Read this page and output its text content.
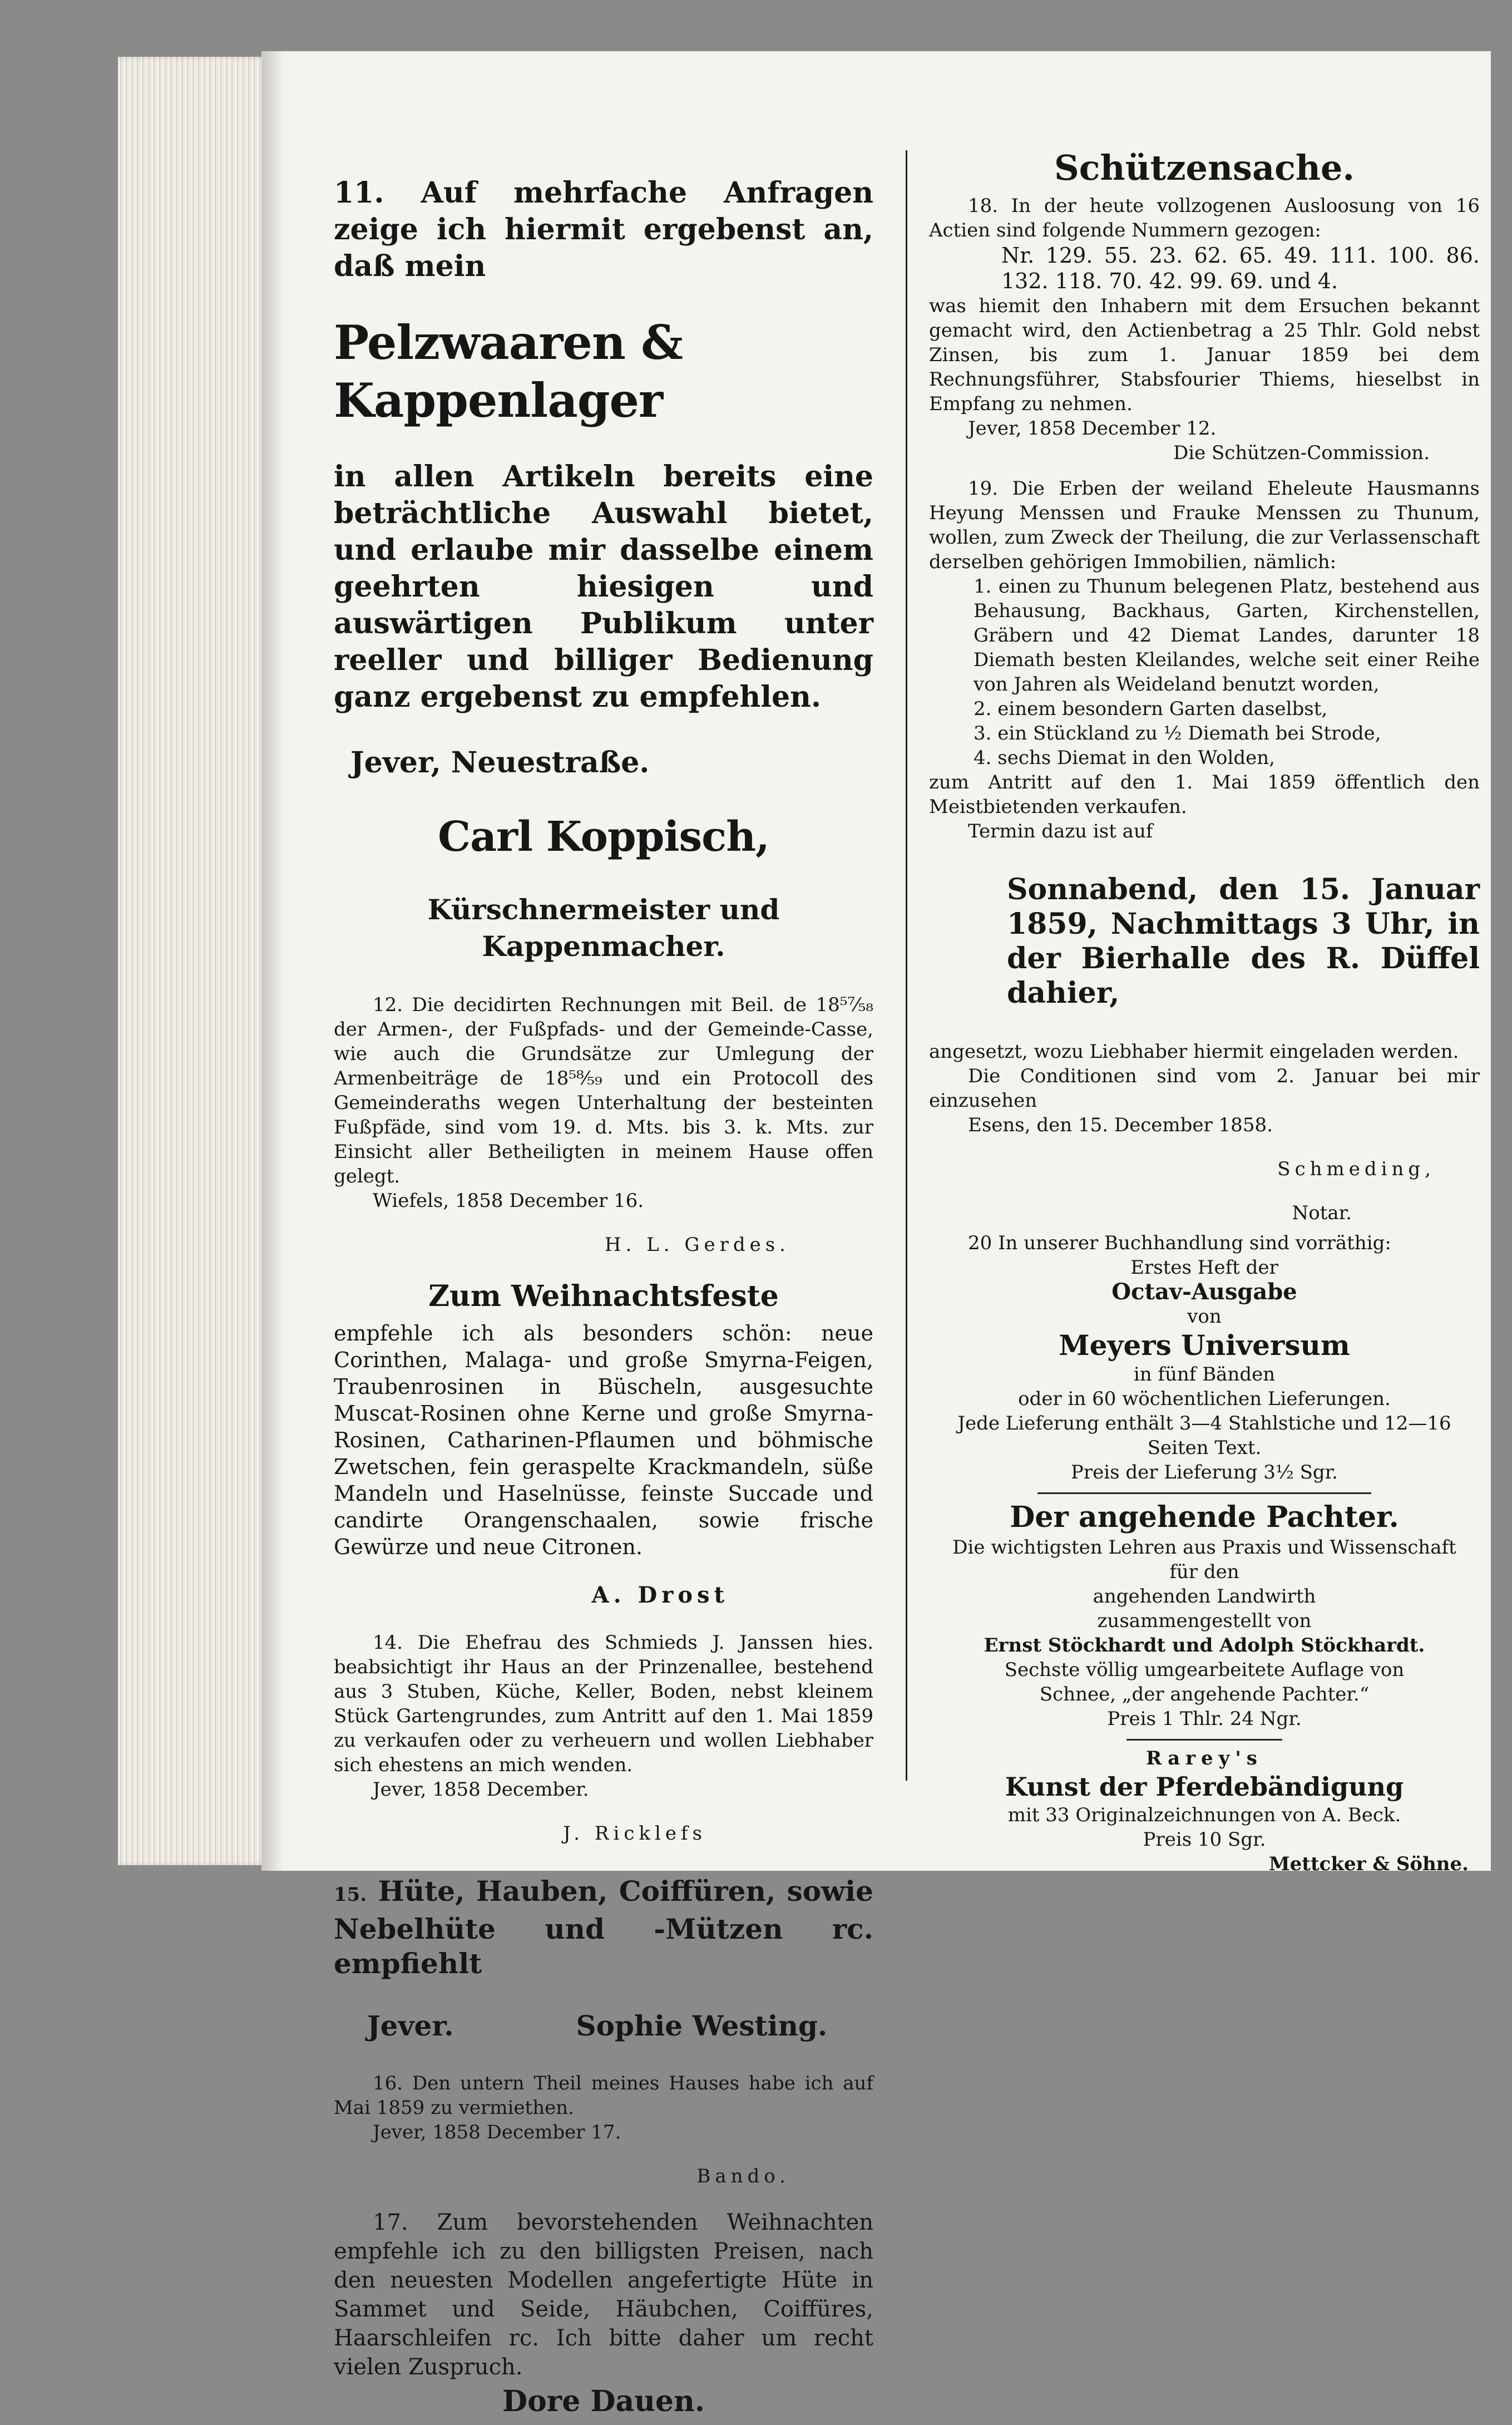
11. Auf mehrfache Anfragen zeige ich hiermit ergebenst an, daß mein

Pelzwaaren & Kappenlager

in allen Artikeln bereits eine beträchtliche Auswahl bietet, und erlaube mir dasselbe einem geehrten hiesigen und auswärtigen Publikum unter reeller und billiger Bedienung ganz ergebenst zu empfehlen.

Jever, Neuestraße.

Carl Koppisch,

Kürschnermeister und Kappenmacher.

12. Die decidirten Rechnungen mit Beil. de 18⁵⁷⁄₅₈ der Armen-, der Fußpfads- und der Gemeinde-Casse, wie auch die Grundsätze zur Umlegung der Armenbeiträge de 18⁵⁸⁄₅₉ und ein Protocoll des Gemeinderaths wegen Unterhaltung der besteinten Fußpfäde, sind vom 19. d. Mts. bis 3. k. Mts. zur Einsicht aller Betheiligten in meinem Hause offen gelegt.

Wiefels, 1858 December 16.

H. L. Gerdes.

Zum Weihnachtsfeste

empfehle ich als besonders schön: neue Corinthen, Malaga- und große Smyrna-Feigen, Traubenrosinen in Büscheln, ausgesuchte Muscat-Rosinen ohne Kerne und große Smyrna-Rosinen, Catharinen-Pflaumen und böhmische Zwetschen, fein geraspelte Krackmandeln, süße Mandeln und Haselnüsse, feinste Succade und candirte Orangenschaalen, sowie frische Gewürze und neue Citronen.

A. Drost

14. Die Ehefrau des Schmieds J. Janssen hies. beabsichtigt ihr Haus an der Prinzenallee, bestehend aus 3 Stuben, Küche, Keller, Boden, nebst kleinem Stück Gartengrundes, zum Antritt auf den 1. Mai 1859 zu verkaufen oder zu verheuern und wollen Liebhaber sich ehestens an mich wenden.

Jever, 1858 December.

J. Ricklefs

15. Hüte, Hauben, Coiffüren, sowie Nebelhüte und -Mützen rc. empfiehlt

Jever.	Sophie Westing.

16. Den untern Theil meines Hauses habe ich auf Mai 1859 zu vermiethen.

Jever, 1858 December 17.

Bando.

17. Zum bevorstehenden Weihnachten empfehle ich zu den billigsten Preisen, nach den neuesten Modellen angefertigte Hüte in Sammet und Seide, Häubchen, Coiffüres, Haarschleifen rc. Ich bitte daher um recht vielen Zuspruch.

Dore Dauen.

Schützensache.

18. In der heute vollzogenen Ausloosung von 16 Actien sind folgende Nummern gezogen:

Nr. 129. 55. 23. 62. 65. 49. 111. 100. 86. 132. 118. 70. 42. 99. 69. und 4.

was hiemit den Inhabern mit dem Ersuchen bekannt gemacht wird, den Actienbetrag a 25 Thlr. Gold nebst Zinsen, bis zum 1. Januar 1859 bei dem Rechnungsführer, Stabsfourier Thiems, hieselbst in Empfang zu nehmen.

Jever, 1858 December 12.

Die Schützen-Commission.

19. Die Erben der weiland Eheleute Hausmanns Heyung Menssen und Frauke Menssen zu Thunum, wollen, zum Zweck der Theilung, die zur Verlassenschaft derselben gehörigen Immobilien, nämlich:

1. einen zu Thunum belegenen Platz, bestehend aus Behausung, Backhaus, Garten, Kirchenstellen, Gräbern und 42 Diemat Landes, darunter 18 Diemath besten Kleilandes, welche seit einer Reihe von Jahren als Weideland benutzt worden,

2. einem besondern Garten daselbst,

3. ein Stückland zu ½ Diemath bei Strode,

4. sechs Diemat in den Wolden,

zum Antritt auf den 1. Mai 1859 öffentlich den Meistbietenden verkaufen.

Termin dazu ist auf

Sonnabend, den 15. Januar 1859, Nachmittags 3 Uhr, in der Bierhalle des R. Düffel dahier,

angesetzt, wozu Liebhaber hiermit eingeladen werden.

Die Conditionen sind vom 2. Januar bei mir einzusehen

Esens, den 15. December 1858.

Schmeding,

Notar.

20 In unserer Buchhandlung sind vorräthig:

Erstes Heft der

Octav-Ausgabe

von

Meyers Universum

in fünf Bänden

oder in 60 wöchentlichen Lieferungen.

Jede Lieferung enthält 3—4 Stahlstiche und 12—16 Seiten Text.

Preis der Lieferung 3½ Sgr.

Der angehende Pachter.

Die wichtigsten Lehren aus Praxis und Wissenschaft

für den

angehenden Landwirth

zusammengestellt von

Ernst Stöckhardt und Adolph Stöckhardt.

Sechste völlig umgearbeitete Auflage von

Schnee, „der angehende Pachter.“

Preis 1 Thlr. 24 Ngr.

Rarey's

Kunst der Pferdebändigung

mit 33 Originalzeichnungen von A. Beck.

Preis 10 Sgr.

Mettcker & Söhne.
